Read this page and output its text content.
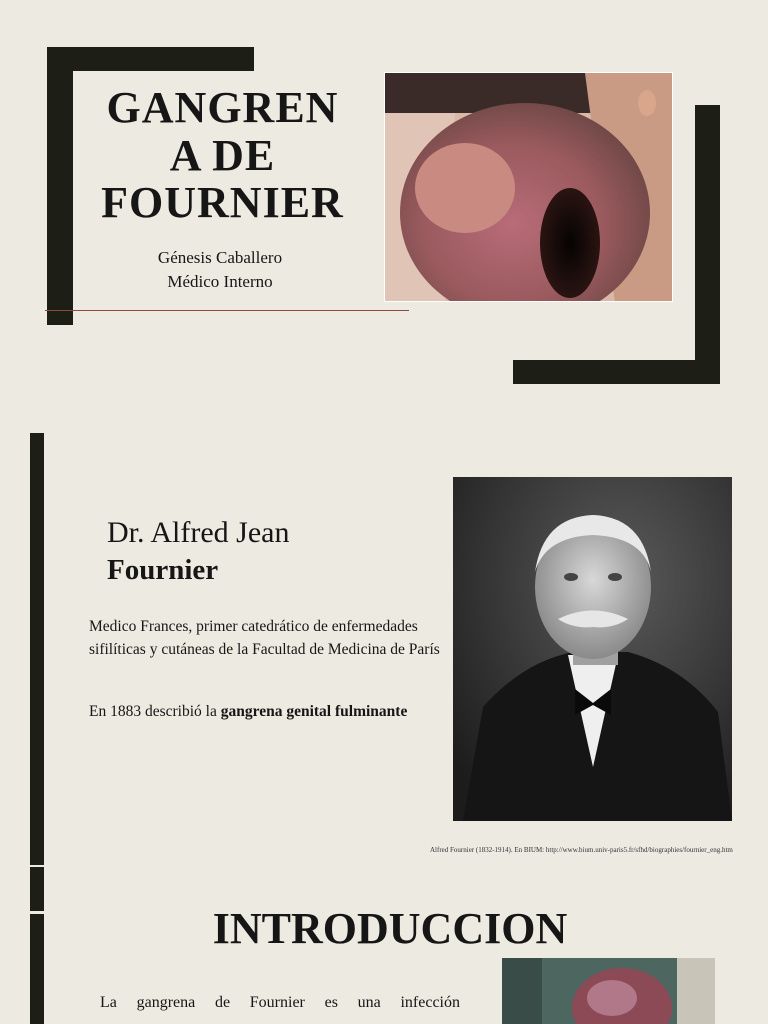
GANGREN
A DE
FOURNIER
Génesis Caballero
Médico Interno
Dr. Alfred Jean
Fournier
Medico Frances, primer catedrático de enfermedades sifilíticas y cutáneas de la Facultad de Medicina de París
En 1883 describió la gangrena genital fulminante
Alfred Fournier (1832-1914). En BIUM: http://www.bium.univ-paris5.fr/sfhd/biographies/fournier_eng.htm
INTRODUCCION
La gangrena de Fournier es una infección
